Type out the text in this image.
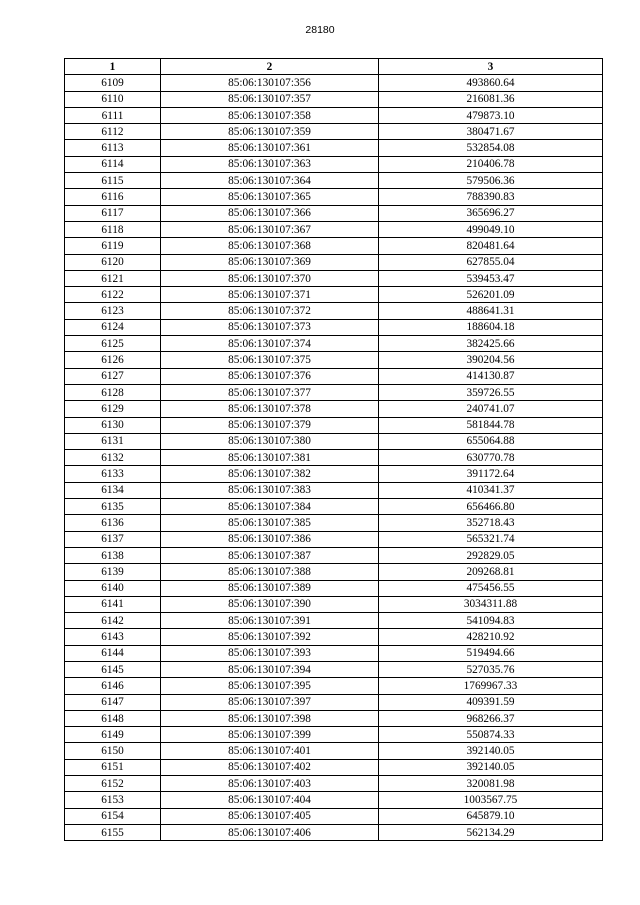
28180
1	2	3
6109	85:06:130107:356	493860.64
6110	85:06:130107:357	216081.36
6111	85:06:130107:358	479873.10
6112	85:06:130107:359	380471.67
6113	85:06:130107:361	532854.08
6114	85:06:130107:363	210406.78
6115	85:06:130107:364	579506.36
6116	85:06:130107:365	788390.83
6117	85:06:130107:366	365696.27
6118	85:06:130107:367	499049.10
6119	85:06:130107:368	820481.64
6120	85:06:130107:369	627855.04
6121	85:06:130107:370	539453.47
6122	85:06:130107:371	526201.09
6123	85:06:130107:372	488641.31
6124	85:06:130107:373	188604.18
6125	85:06:130107:374	382425.66
6126	85:06:130107:375	390204.56
6127	85:06:130107:376	414130.87
6128	85:06:130107:377	359726.55
6129	85:06:130107:378	240741.07
6130	85:06:130107:379	581844.78
6131	85:06:130107:380	655064.88
6132	85:06:130107:381	630770.78
6133	85:06:130107:382	391172.64
6134	85:06:130107:383	410341.37
6135	85:06:130107:384	656466.80
6136	85:06:130107:385	352718.43
6137	85:06:130107:386	565321.74
6138	85:06:130107:387	292829.05
6139	85:06:130107:388	209268.81
6140	85:06:130107:389	475456.55
6141	85:06:130107:390	3034311.88
6142	85:06:130107:391	541094.83
6143	85:06:130107:392	428210.92
6144	85:06:130107:393	519494.66
6145	85:06:130107:394	527035.76
6146	85:06:130107:395	1769967.33
6147	85:06:130107:397	409391.59
6148	85:06:130107:398	968266.37
6149	85:06:130107:399	550874.33
6150	85:06:130107:401	392140.05
6151	85:06:130107:402	392140.05
6152	85:06:130107:403	320081.98
6153	85:06:130107:404	1003567.75
6154	85:06:130107:405	645879.10
6155	85:06:130107:406	562134.29
